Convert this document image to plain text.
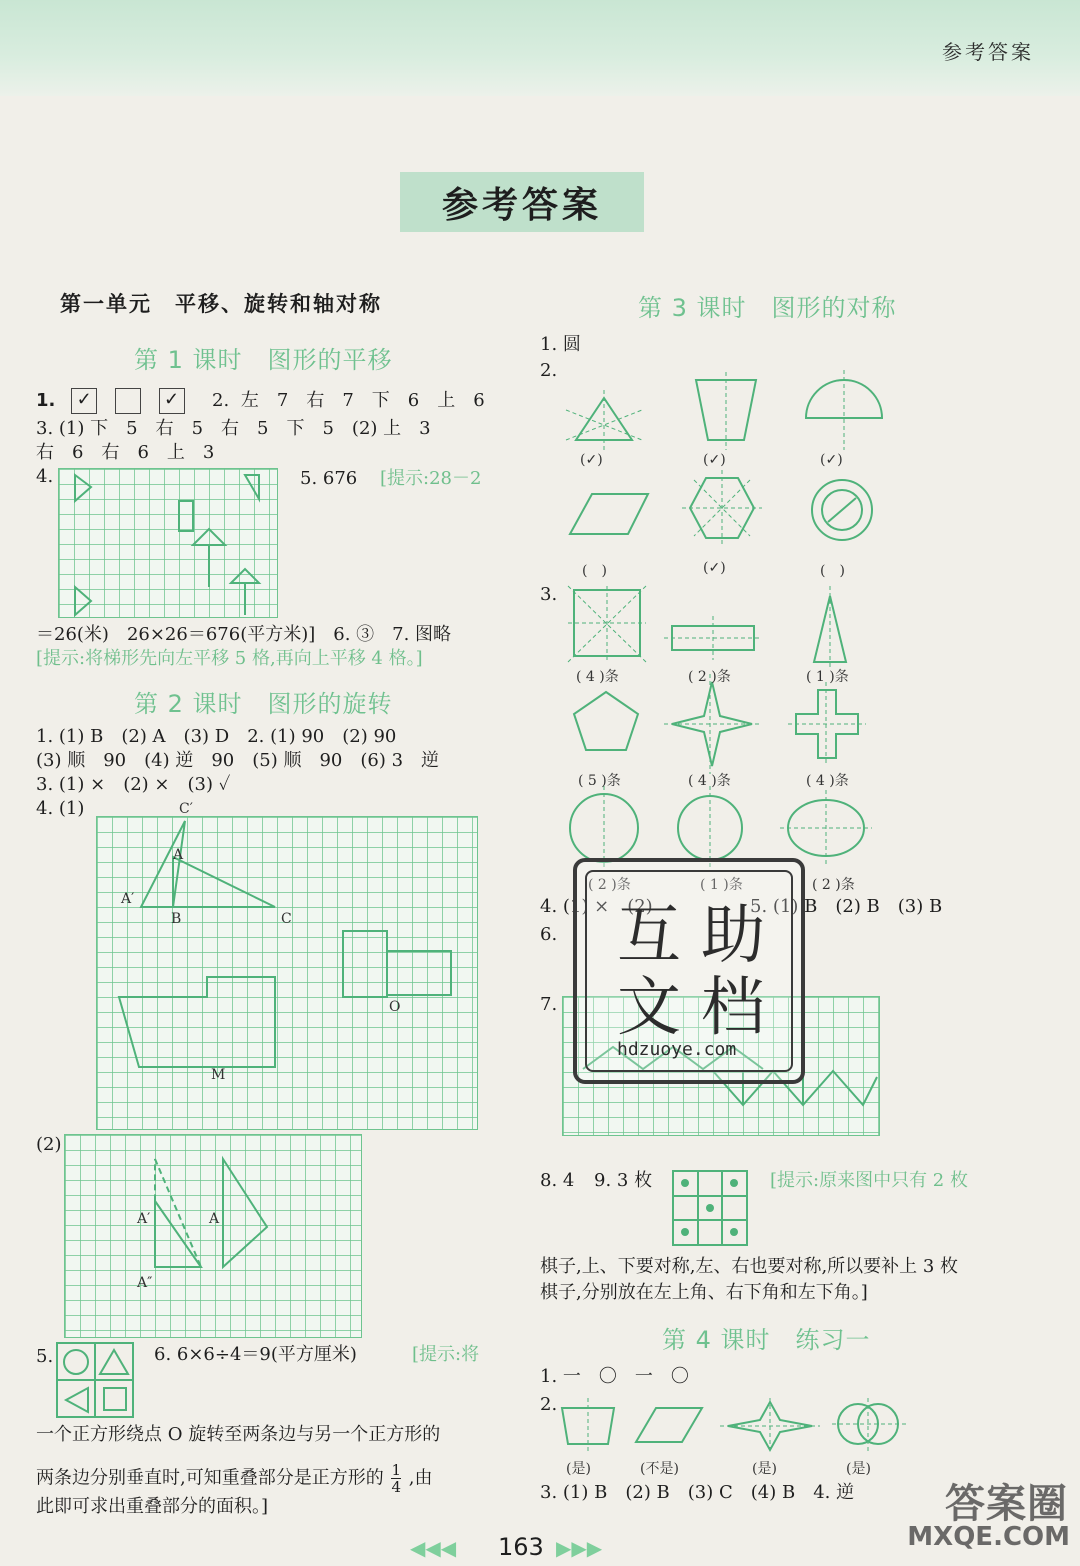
参考答案
参考答案
第一单元　平移、旋转和轴对称
第 1 课时　图形的平移
1. ✓	✓	2. 左　7　右　7　下　6　上　6
3. (1) 下　5　右　5　右　5　下　5　(2) 上　3
右　6　右　6　上　3
4.	5. 676 [提示:28－2
＝26(米)　26×26＝676(平方米)]　6. ③　7. 图略
[提示:将梯形先向左平移 5 格,再向上平移 4 格。]
第 2 课时　图形的旋转
1. (1) B　(2) A　(3) D　2. (1) 90　(2) 90
(3) 顺　90　(4) 逆　90　(5) 顺　90　(6) 3　逆
3. (1) ×　(2) ×　(3) ✓
4. (1)	C′
A
A′
B	C
O
M
(2)
A′	A
A″
5.	6. 6×6÷4＝9(平方厘米)	[提示:将
一个正方形绕点 O 旋转至两条边与另一个正方形的
两条边分别垂直时,可知重叠部分是正方形的 $\frac{1}{4}$ ,由
此即可求出重叠部分的面积。]
第 3 课时　图形的对称
1. 圆
2.
(✓)	(✓)	(✓)
(　)	(✓)	(　)
3.
( 4 )条	( 2 )条	( 1 )条
( 5 )条	( 4 )条	( 4 )条
( 2 )条	( 1 )条	( 2 )条
4. (1) ×　(2)	5. (1) B　(2) B　(3) B
6.
7.
互 助
文 档
hdzuoye.com
8. 4 9. 3 枚	[提示:原来图中只有 2 枚
棋子,上、下要对称,左、右也要对称,所以要补上 3 枚
棋子,分别放在左上角、右下角和左下角。]
第 4 课时　练习一
1. 一　〇　一　〇
2.
(是)	(不是)	(是)	(是)
3. (1) B　(2) B　(3) C　(4) B　4. 逆
◀◀◀ 163 ▶▶▶
答案圈
MXQE.COM
